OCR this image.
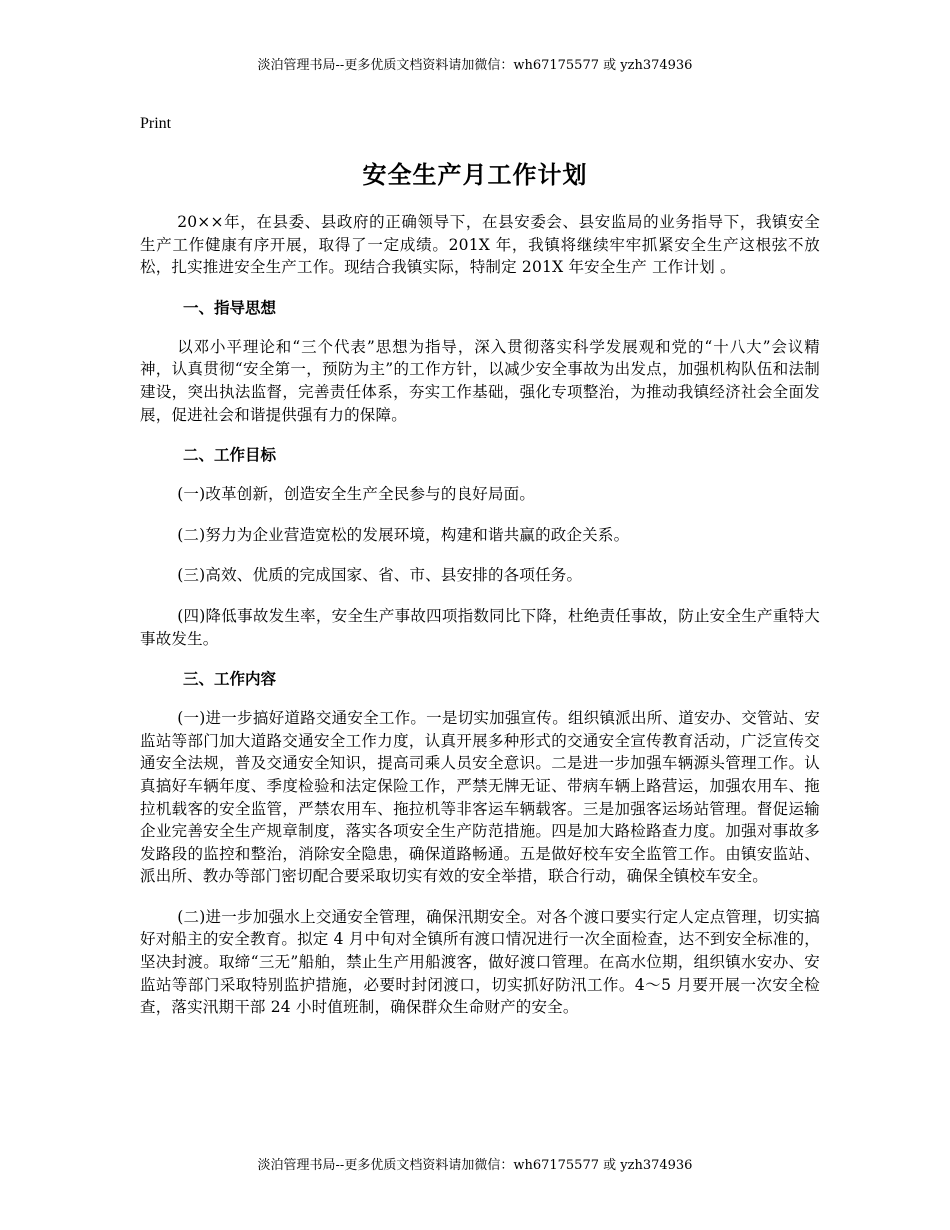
淡泊管理书局--更多优质文档资料请加微信：wh67175577 或 yzh374936
Print
安全生产月工作计划

20××年，在县委、县政府的正确领导下，在县安委会、县安监局的业务指导下，我镇安全生产工作健康有序开展，取得了一定成绩。201X 年，我镇将继续牢牢抓紧安全生产这根弦不放松，扎实推进安全生产工作。现结合我镇实际，特制定 201X 年安全生产 工作计划 。

一、指导思想

以邓小平理论和“三个代表”思想为指导，深入贯彻落实科学发展观和党的“十八大”会议精神，认真贯彻“安全第一，预防为主”的工作方针，以减少安全事故为出发点，加强机构队伍和法制建设，突出执法监督，完善责任体系，夯实工作基础，强化专项整治，为推动我镇经济社会全面发展，促进社会和谐提供强有力的保障。

二、工作目标

(一)改革创新，创造安全生产全民参与的良好局面。

(二)努力为企业营造宽松的发展环境，构建和谐共赢的政企关系。

(三)高效、优质的完成国家、省、市、县安排的各项任务。

(四)降低事故发生率，安全生产事故四项指数同比下降，杜绝责任事故，防止安全生产重特大事故发生。

三、工作内容

(一)进一步搞好道路交通安全工作。一是切实加强宣传。组织镇派出所、道安办、交管站、安监站等部门加大道路交通安全工作力度，认真开展多种形式的交通安全宣传教育活动，广泛宣传交通安全法规，普及交通安全知识，提高司乘人员安全意识。二是进一步加强车辆源头管理工作。认真搞好车辆年度、季度检验和法定保险工作，严禁无牌无证、带病车辆上路营运，加强农用车、拖拉机载客的安全监管，严禁农用车、拖拉机等非客运车辆载客。三是加强客运场站管理。督促运输企业完善安全生产规章制度，落实各项安全生产防范措施。四是加大路检路查力度。加强对事故多发路段的监控和整治，消除安全隐患，确保道路畅通。五是做好校车安全监管工作。由镇安监站、派出所、教办等部门密切配合要采取切实有效的安全举措，联合行动，确保全镇校车安全。

(二)进一步加强水上交通安全管理，确保汛期安全。对各个渡口要实行定人定点管理，切实搞好对船主的安全教育。拟定 4 月中旬对全镇所有渡口情况进行一次全面检查，达不到安全标准的，坚决封渡。取缔“三无”船舶，禁止生产用船渡客，做好渡口管理。在高水位期，组织镇水安办、安监站等部门采取特别监护措施，必要时封闭渡口，切实抓好防汛工作。4～5 月要开展一次安全检查，落实汛期干部 24 小时值班制，确保群众生命财产的安全。

淡泊管理书局--更多优质文档资料请加微信：wh67175577 或 yzh374936
